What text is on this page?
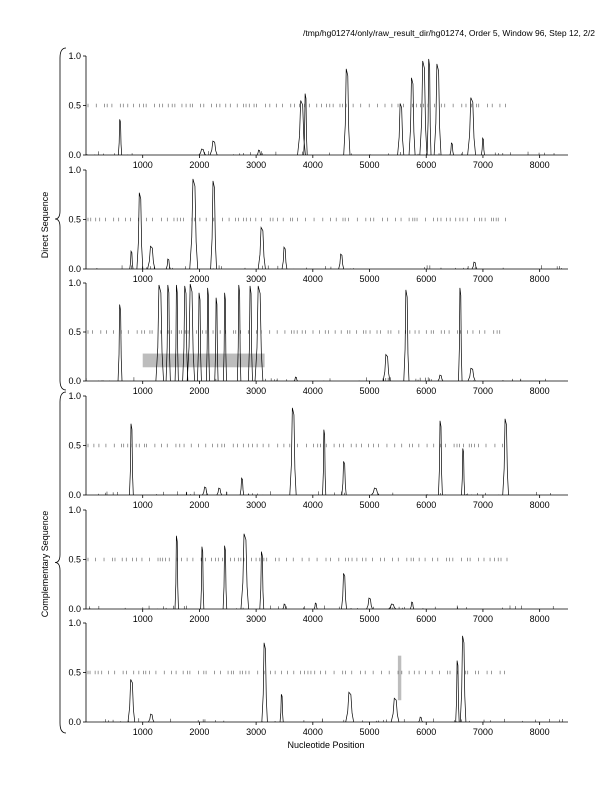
/tmp/hg01274/only/raw_result_dir/hg01274, Order 5, Window 96, Step 12, 2/2
0.0
0.5
1.0
1000	2000	3000	4000	5000	6000	7000	8000
0.0
0.5
1.0
1000	2000	3000	4000	5000	6000	7000	8000
0.0
0.5
1.0
1000	2000	3000	4000	5000	6000	7000	8000
0.0
0.5
1.0
1000	2000	3000	4000	5000	6000	7000	8000
0.0
0.5
1.0
1000	2000	3000	4000	5000	6000	7000	8000
0.0
0.5
1.0
1000	2000	3000	4000	5000	6000	7000	8000
Direct Sequence
Complementary Sequence
Nucleotide Position
